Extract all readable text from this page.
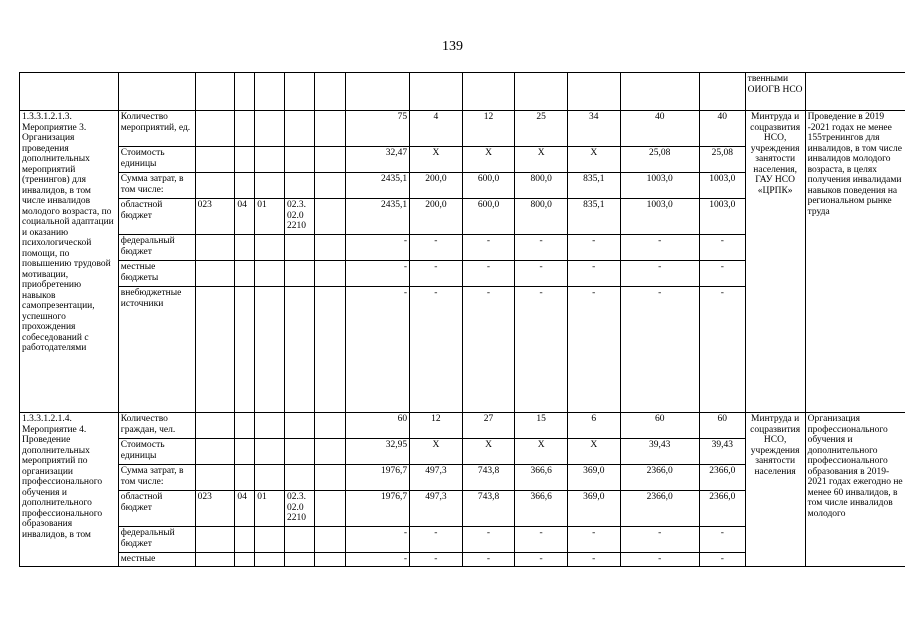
139
														твенными ОИОГВ НСО	
1.3.3.1.2.1.3. Мероприятие 3. Организация проведения дополнительных мероприятий (тренингов) для инвалидов, в том числе инвалидов молодого возраста, по социальной адаптации и оказанию психологической помощи, по повышению трудовой мотивации, приобретению навыков самопрезентации, успешного прохождения собеседований с работодателями	Количество мероприятий, ед.						75	4	12	25	34	40	40	Минтруда и соцразвития НСО, учреждения занятости населения, ГАУ НСО «ЦРПК»	Проведение в 2019 -2021 годах не менее 155тренингов для инвалидов, в том числе инвалидов молодого возраста, в целях получения инвалидами навыков поведения на региональном рынке труда
	Стоимость единицы						32,47	Х	Х	Х	Х	25,08	25,08		
	Сумма затрат, в том числе:						2435,1	200,0	600,0	800,0	835,1	1003,0	1003,0		
	областной бюджет	023	04	01	02.3. 02.0 2210		2435,1	200,0	600,0	800,0	835,1	1003,0	1003,0		
	федеральный бюджет						-	-	-	-	-	-	-		
	местные бюджеты						-	-	-	-	-	-	-		
	внебюджетные источники						-	-	-	-	-	-	-		
1.3.3.1.2.1.4. Мероприятие 4. Проведение дополнительных мероприятий по организации профессионального обучения и дополнительного профессионального образования инвалидов, в том	Количество граждан, чел.						60	12	27	15	6	60	60	Минтруда и соцразвития НСО, учреждения занятости населения	Организация профессионального обучения и дополнительного профессионального образования в 2019-2021 годах ежегодно не менее 60 инвалидов, в том числе инвалидов молодого
	Стоимость единицы						32,95	Х	Х	Х	Х	39,43	39,43		
	Сумма затрат, в том числе:						1976,7	497,3	743,8	366,6	369,0	2366,0	2366,0		
	областной бюджет	023	04	01	02.3. 02.0 2210		1976,7	497,3	743,8	366,6	369,0	2366,0	2366,0		
	федеральный бюджет						-	-	-	-	-	-	-		
	местные						-	-	-	-	-	-	-		
